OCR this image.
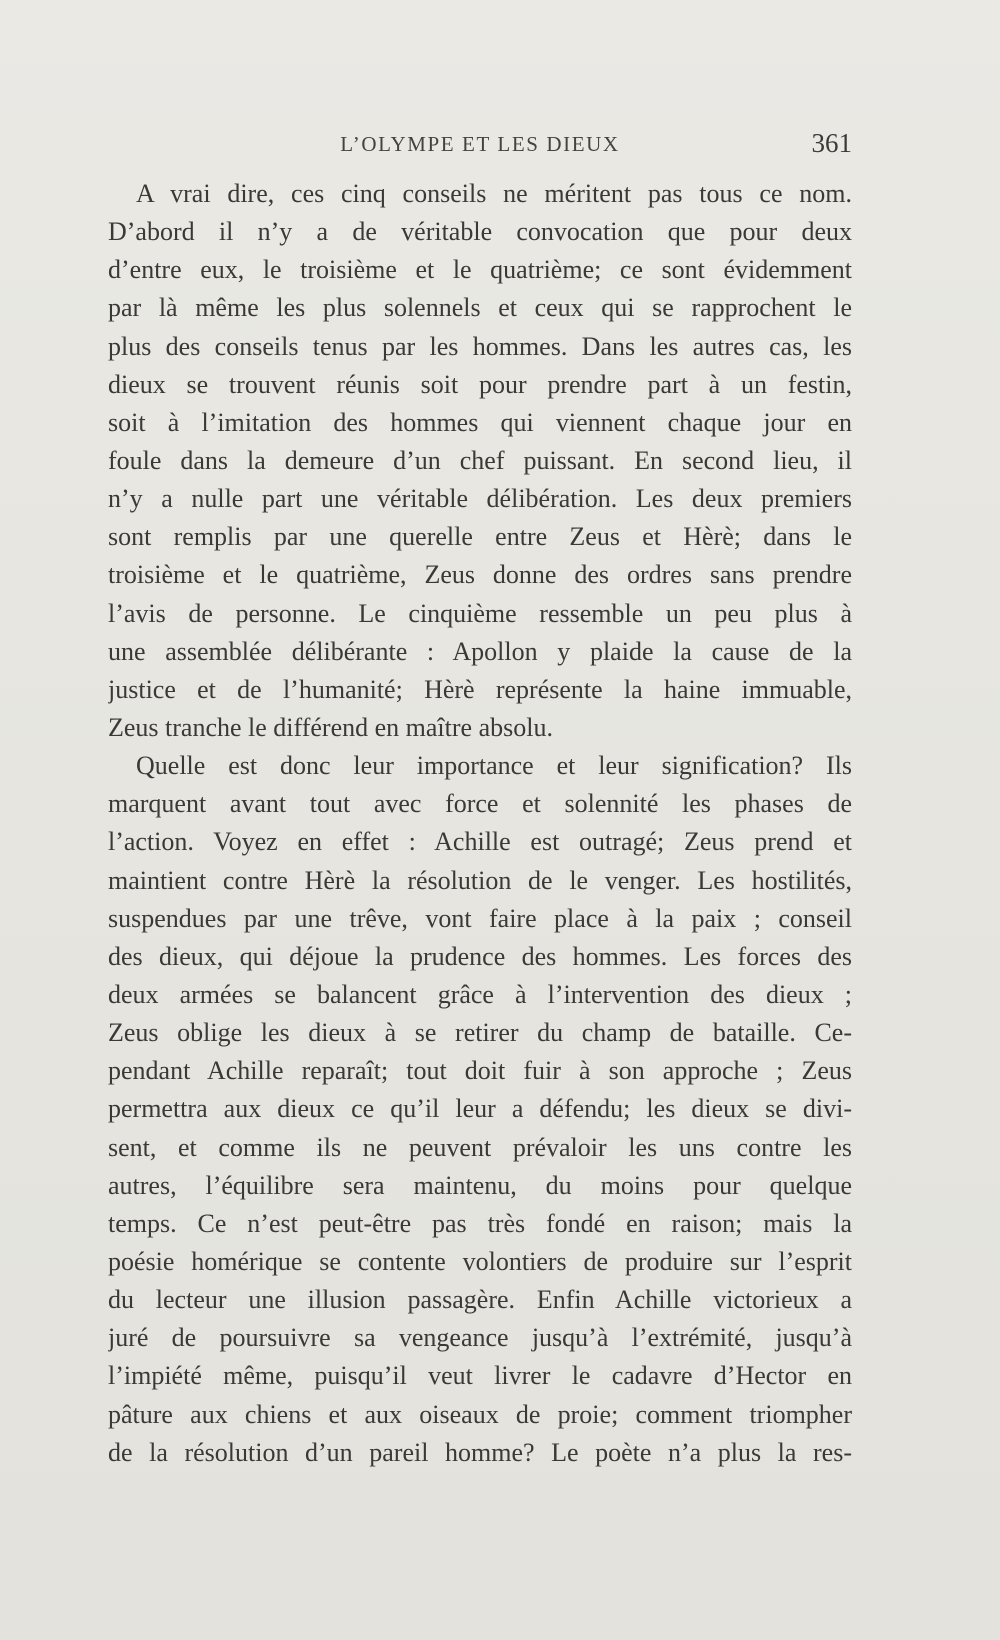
L’OLYMPE ET LES DIEUX	361
A vrai dire, ces cinq conseils ne méritent pas tous ce nom.
D’abord il n’y a de véritable convocation que pour deux
d’entre eux, le troisième et le quatrième; ce sont évidemment
par là même les plus solennels et ceux qui se rapprochent le
plus des conseils tenus par les hommes. Dans les autres cas, les
dieux se trouvent réunis soit pour prendre part à un festin,
soit à l’imitation des hommes qui viennent chaque jour en
foule dans la demeure d’un chef puissant. En second lieu, il
n’y a nulle part une véritable délibération. Les deux premiers
sont remplis par une querelle entre Zeus et Hèrè; dans le
troisième et le quatrième, Zeus donne des ordres sans prendre
l’avis de personne. Le cinquième ressemble un peu plus à
une assemblée délibérante : Apollon y plaide la cause de la
justice et de l’humanité; Hèrè représente la haine immuable,
Zeus tranche le différend en maître absolu.
Quelle est donc leur importance et leur signification? Ils
marquent avant tout avec force et solennité les phases de
l’action. Voyez en effet : Achille est outragé; Zeus prend et
maintient contre Hèrè la résolution de le venger. Les hostilités,
suspendues par une trêve, vont faire place à la paix ; conseil
des dieux, qui déjoue la prudence des hommes. Les forces des
deux armées se balancent grâce à l’intervention des dieux ;
Zeus oblige les dieux à se retirer du champ de bataille. Ce-
pendant Achille reparaît; tout doit fuir à son approche ; Zeus
permettra aux dieux ce qu’il leur a défendu; les dieux se divi-
sent, et comme ils ne peuvent prévaloir les uns contre les
autres, l’équilibre sera maintenu, du moins pour quelque
temps. Ce n’est peut-être pas très fondé en raison; mais la
poésie homérique se contente volontiers de produire sur l’esprit
du lecteur une illusion passagère. Enfin Achille victorieux a
juré de poursuivre sa vengeance jusqu’à l’extrémité, jusqu’à
l’impiété même, puisqu’il veut livrer le cadavre d’Hector en
pâture aux chiens et aux oiseaux de proie; comment triompher
de la résolution d’un pareil homme? Le poète n’a plus la res-
